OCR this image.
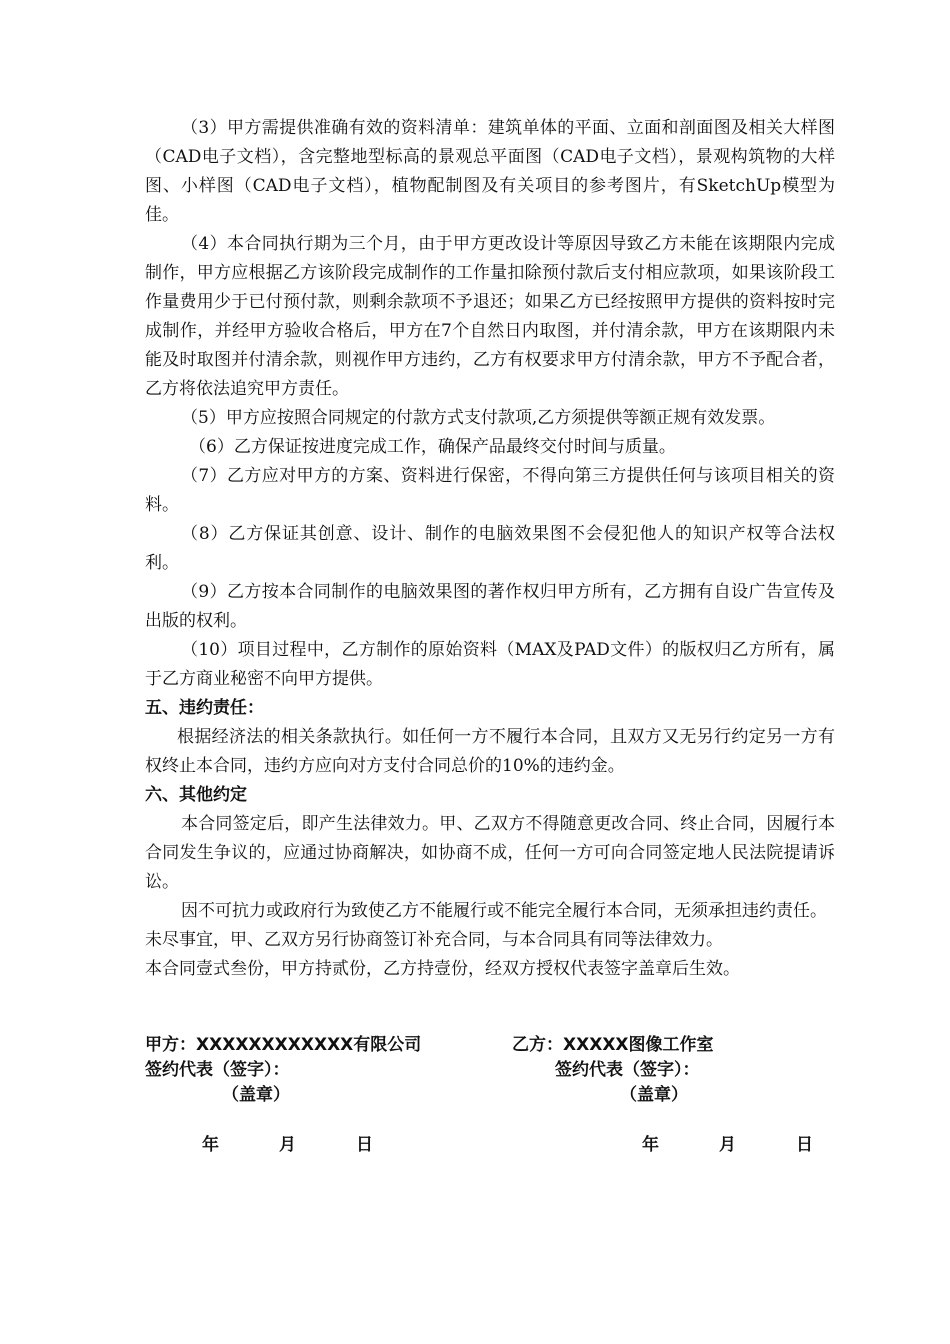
（3）甲方需提供准确有效的资料清单：建筑单体的平面、立面和剖面图及相关大样图（CAD电子文档），含完整地型标高的景观总平面图（CAD电子文档），景观构筑物的大样图、小样图（CAD电子文档），植物配制图及有关项目的参考图片，有SketchUp模型为佳。

（4）本合同执行期为三个月，由于甲方更改设计等原因导致乙方未能在该期限内完成制作，甲方应根据乙方该阶段完成制作的工作量扣除预付款后支付相应款项，如果该阶段工作量费用少于已付预付款，则剩余款项不予退还；如果乙方已经按照甲方提供的资料按时完成制作，并经甲方验收合格后，甲方在7个自然日内取图，并付清余款，甲方在该期限内未能及时取图并付清余款，则视作甲方违约，乙方有权要求甲方付清余款，甲方不予配合者，乙方将依法追究甲方责任。

（5）甲方应按照合同规定的付款方式支付款项,乙方须提供等额正规有效发票。

（6）乙方保证按进度完成工作，确保产品最终交付时间与质量。

（7）乙方应对甲方的方案、资料进行保密，不得向第三方提供任何与该项目相关的资料。

（8）乙方保证其创意、设计、制作的电脑效果图不会侵犯他人的知识产权等合法权利。

（9）乙方按本合同制作的电脑效果图的著作权归甲方所有，乙方拥有自设广告宣传及出版的权利。

（10）项目过程中，乙方制作的原始资料（MAX及PAD文件）的版权归乙方所有，属于乙方商业秘密不向甲方提供。

五、违约责任：

根据经济法的相关条款执行。如任何一方不履行本合同，且双方又无另行约定另一方有权终止本合同，违约方应向对方支付合同总价的10%的违约金。

六、其他约定

本合同签定后，即产生法律效力。甲、乙双方不得随意更改合同、终止合同，因履行本合同发生争议的，应通过协商解决，如协商不成，任何一方可向合同签定地人民法院提请诉讼。

因不可抗力或政府行为致使乙方不能履行或不能完全履行本合同，无须承担违约责任。

未尽事宜，甲、乙双方另行协商签订补充合同，与本合同具有同等法律效力。

本合同壹式叁份，甲方持贰份，乙方持壹份，经双方授权代表签字盖章后生效。

甲方：XXXXXXXXXXXX有限公司	乙方：XXXXX图像工作室
签约代表（签字）：	签约代表（签字）：
（盖章）	（盖章）
年	月	日	年	月	日
